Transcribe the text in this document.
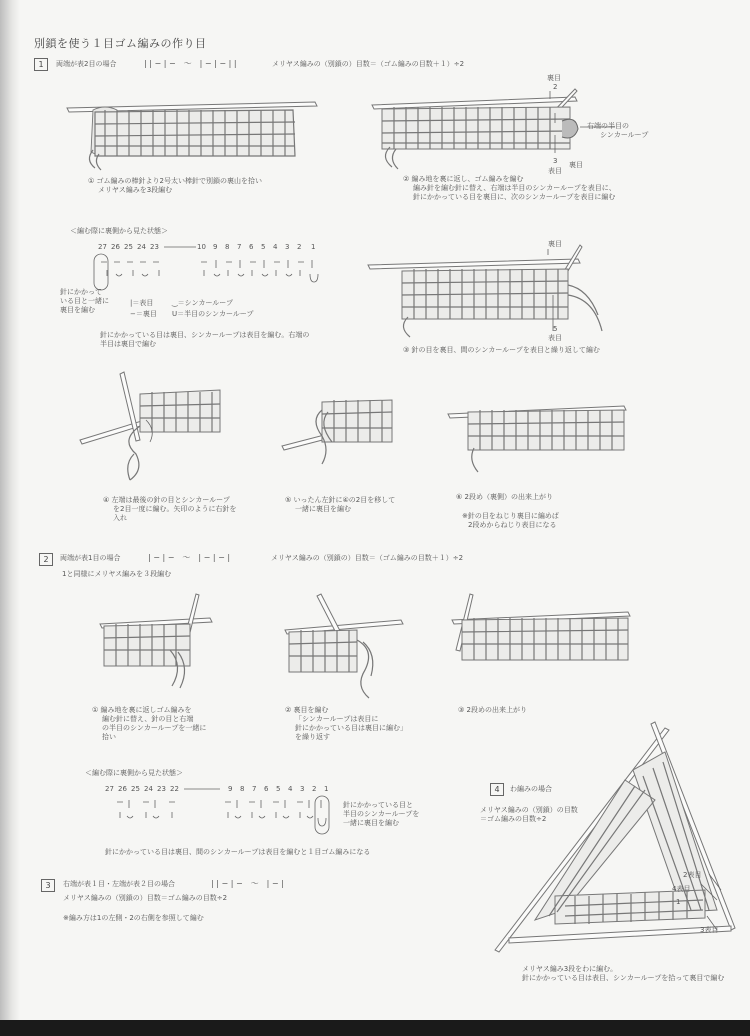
別鎖を使う１目ゴム編みの作り目
1	両端が表2目の場合	| | − | −　〜　| − | − | |	メリヤス編みの（別鎖の）目数＝（ゴム編みの目数＋１）÷2
① ゴム編みの棒針より2号太い棒針で別鎖の裏山を拾い
メリヤス編みを3段編む
裏目
2
右端の半目の
シンカーループ
3 裏目
表目
② 編み地を裏に返し、ゴム編みを編む
編み針を編む針に替え、右端は半目のシンカーループを表目に、
針にかかっている目を裏目に、次のシンカーループを表目に編む
＜編む際に裏側から見た状態＞
27 26 25 24 23	10 9 8 7 6 5 4 3 2 1
針にかかって
いる目と一緒に
裏目を編む
|＝表目	‿＝シンカーループ
−＝裏目 U＝半目のシンカーループ
針にかかっている目は裏目、シンカーループは表目を編む。右端の
半目は裏目で編む
裏目
5
表目
③ 針の目を裏目、間のシンカーループを表目と繰り返して編む
④ 左端は最後の針の目とシンカーループ
を2目一度に編む。矢印のように右針を
入れ
⑤ いったん左針に④の2目を移して
一緒に裏目を編む
⑥ 2段め（裏側）の出来上がり
※針の目をねじり裏目に編めば
2段めからねじり表目になる
2	両端が表1目の場合	| − | −　〜　| − | − |	メリヤス編みの（別鎖の）目数＝（ゴム編みの目数＋１）÷2
1と同様にメリヤス編みを３段編む
① 編み地を裏に返しゴム編みを
編む針に替え、針の目と右端
の半目のシンカーループを一緒に
拾い
② 裏目を編む
「シンカーループは表目に
針にかかっている目は裏目に編む」
を繰り返す
③ 2段めの出来上がり
＜編む際に裏側から見た状態＞
27 26 25 24 23 22	9 8 7 6 5 4 3 2 1
針にかかっている目と
半目のシンカーループを
一緒に裏目を編む
針にかかっている目は裏目、間のシンカーループは表目を編むと１目ゴム編みになる
3	右端が表１目・左端が表２目の場合	| | − | −　〜　| − |
メリヤス編みの（別鎖の）目数＝ゴム編みの目数÷2
※編み方は1の左側・2の右側を参照して編む
4	わ編みの場合
メリヤス編みの（別鎖）の目数
＝ゴム編みの目数÷2
2表目
4表目
1
3表目
メリヤス編み3段をわに編む。
針にかかっている目は表目、シンカーループを拾って裏目で編む
